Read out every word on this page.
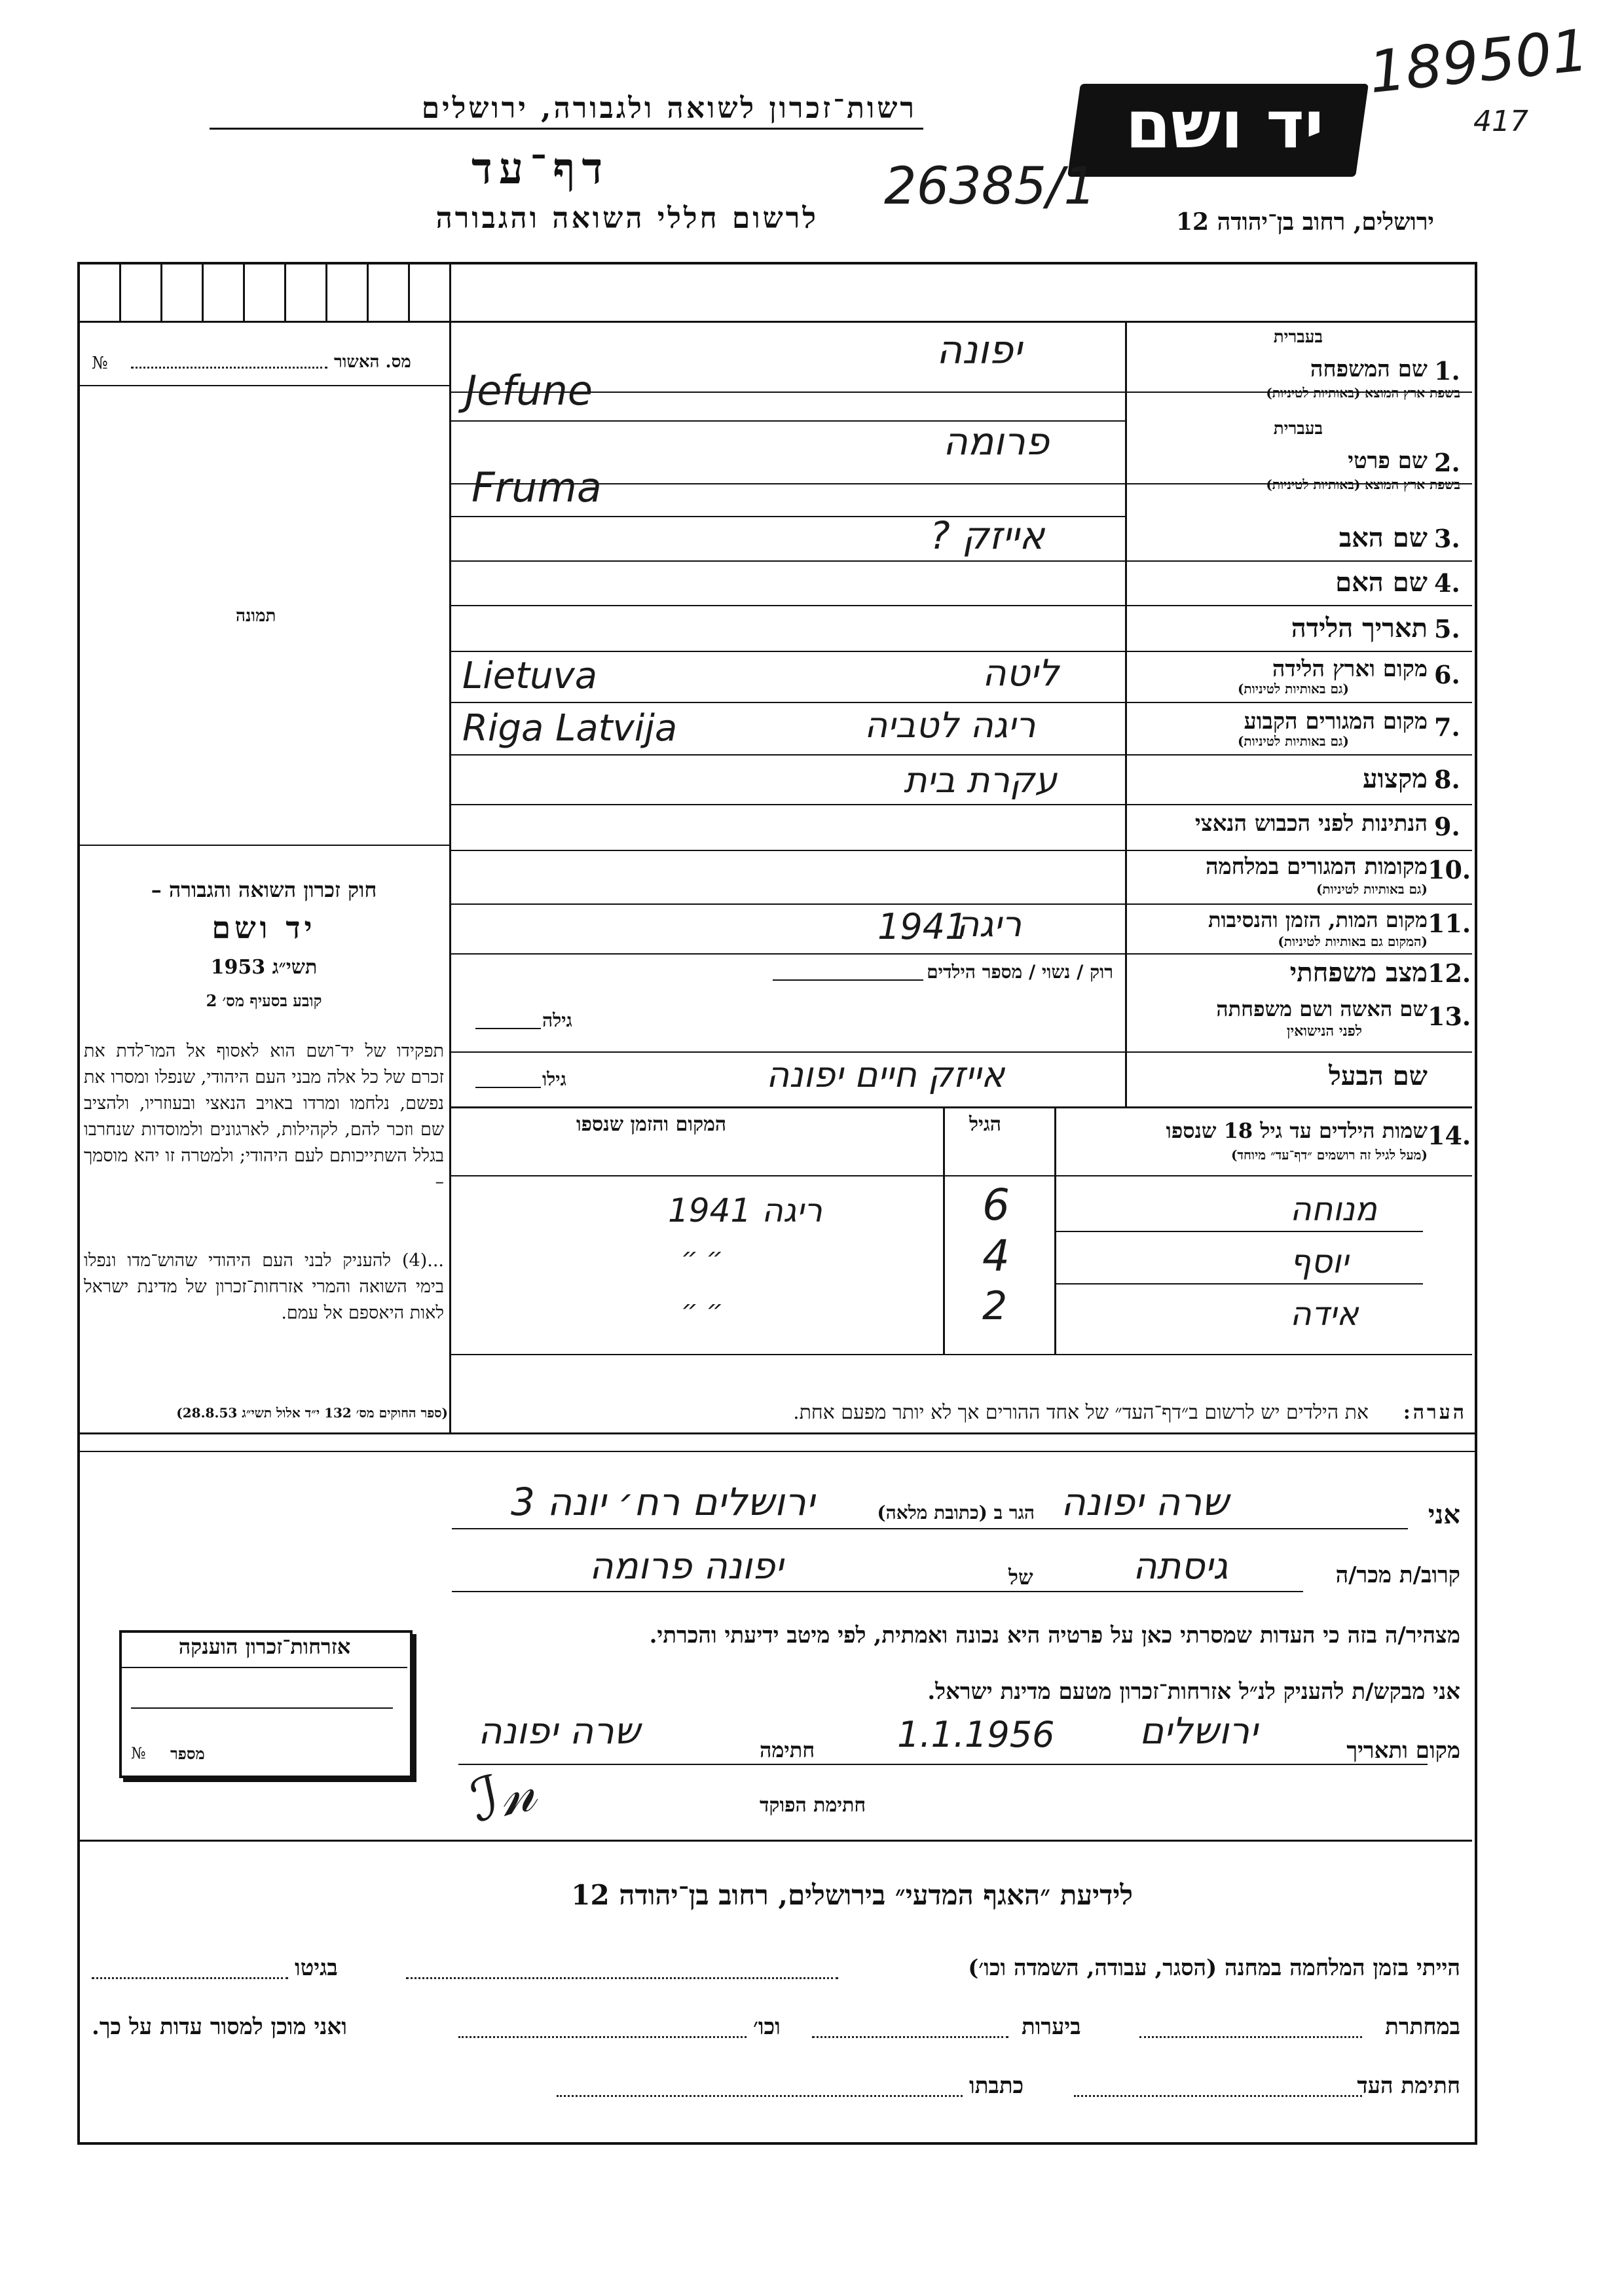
רשות־זכרון לשואה ולגבורה, ירושלים
דף־עד
לרשום חללי השואה והגבורה
יד ושם
ירושלים, רחוב בן־יהודה 12
189501
417
26385/1
№	מס. האשור
תמונה
חוק זכרון השואה והגבורה –
יד ושם
תשי״ג 1953
קובע בסעיף מס׳ 2
תפקידו של יד־ושם הוא לאסוף אל המו־לדת את זכרם של כל אלה מבני העם היהודי, שנפלו ומסרו את נפשם, נלחמו ומרדו באויב הנאצי ובעוזריו, ולהציב שם וזכר להם, לקהילות, לארגונים ולמוסדות שנחרבו בגלל השתייכותם לעם היהודי; ולמטרה זו יהא מוסמך –
...(4) להעניק לבני העם היהודי שהוש־מדו ונפלו בימי השואה והמרי אזרחות־זכרון של מדינת ישראל לאות היאספם אל עמם.
(ספר החוקים מס׳ 132 י״ד אלול תשי״ג 28.8.53)
בעברית
1.
שם המשפחה
בשפת ארץ המוצא (באותיות לטיניות)
יפונה
Jefune
בעברית
2.
שם פרטי
בשפת ארץ המוצא (באותיות לטיניות)
פרומה
Fruma
3.
שם האב
אייזק ?
4.
שם האם
5.
תאריך הלידה
6.
מקום וארץ הלידה
(גם באותיות לטיניות)
ליטה
Lietuva
7.
מקום המגורים הקבוע
(גם באותיות לטיניות)
ריגה לטביה
Riga Latvija
8.
מקצוע
עקרת בית
9.
הנתינות לפני הכבוש הנאצי
10.
מקומות המגורים במלחמה
(גם באותיות לטיניות)
11.
מקום המות, הזמן והנסיבות
(המקום גם באותיות לטיניות)
ריגה
1941
12.
מצב משפחתי
רוק / נשוי / מספר הילדים
13.
שם האשה ושם משפחתה
לפני הנישואין
גילה
שם הבעל
אייזק חיים יפונה
גילו
14.
שמות הילדים עד גיל 18 שנספו
(מעל לגיל זה רושמים ״דף־עד״ מיוחד)
הגיל
המקום והזמן שנספו
מנוחה
6
ריגה 1941
יוסף
4
״ ״
אידה
2
״ ״
הערה:
את הילדים יש לרשום ב״דף־העד״ של אחד ההורים אך לא יותר מפעם אחת.
אני
שרה יפונה
הגר ב (כתובת מלאה)
ירושלים רח׳ יונה 3
קרוב/ת מכר/ה
גיסתה
של
יפונה פרומה
מצהיר/ה בזה כי העדות שמסרתי כאן על פרטיה היא נכונה ואמתית, לפי מיטב ידיעתי והכרתי.
אני מבקש/ת להעניק לנ״ל אזרחות־זכרון מטעם מדינת ישראל.
מקום ותאריך
ירושלים
1.1.1956
חתימה
שרה יפונה
ℐ𝓃	חתימת הפוקד
אזרחות־זכרון הוענקה
№ מספר
לידיעת ״האגף המדעי״ בירושלים, רחוב בן־יהודה 12
הייתי בזמן המלחמה במחנה (הסגר, עבודה, השמדה וכו׳)
בגיטו
במחתרת
ביערות
וכו׳
ואני מוכן למסור עדות על כך.
חתימת העד
כתבתו
